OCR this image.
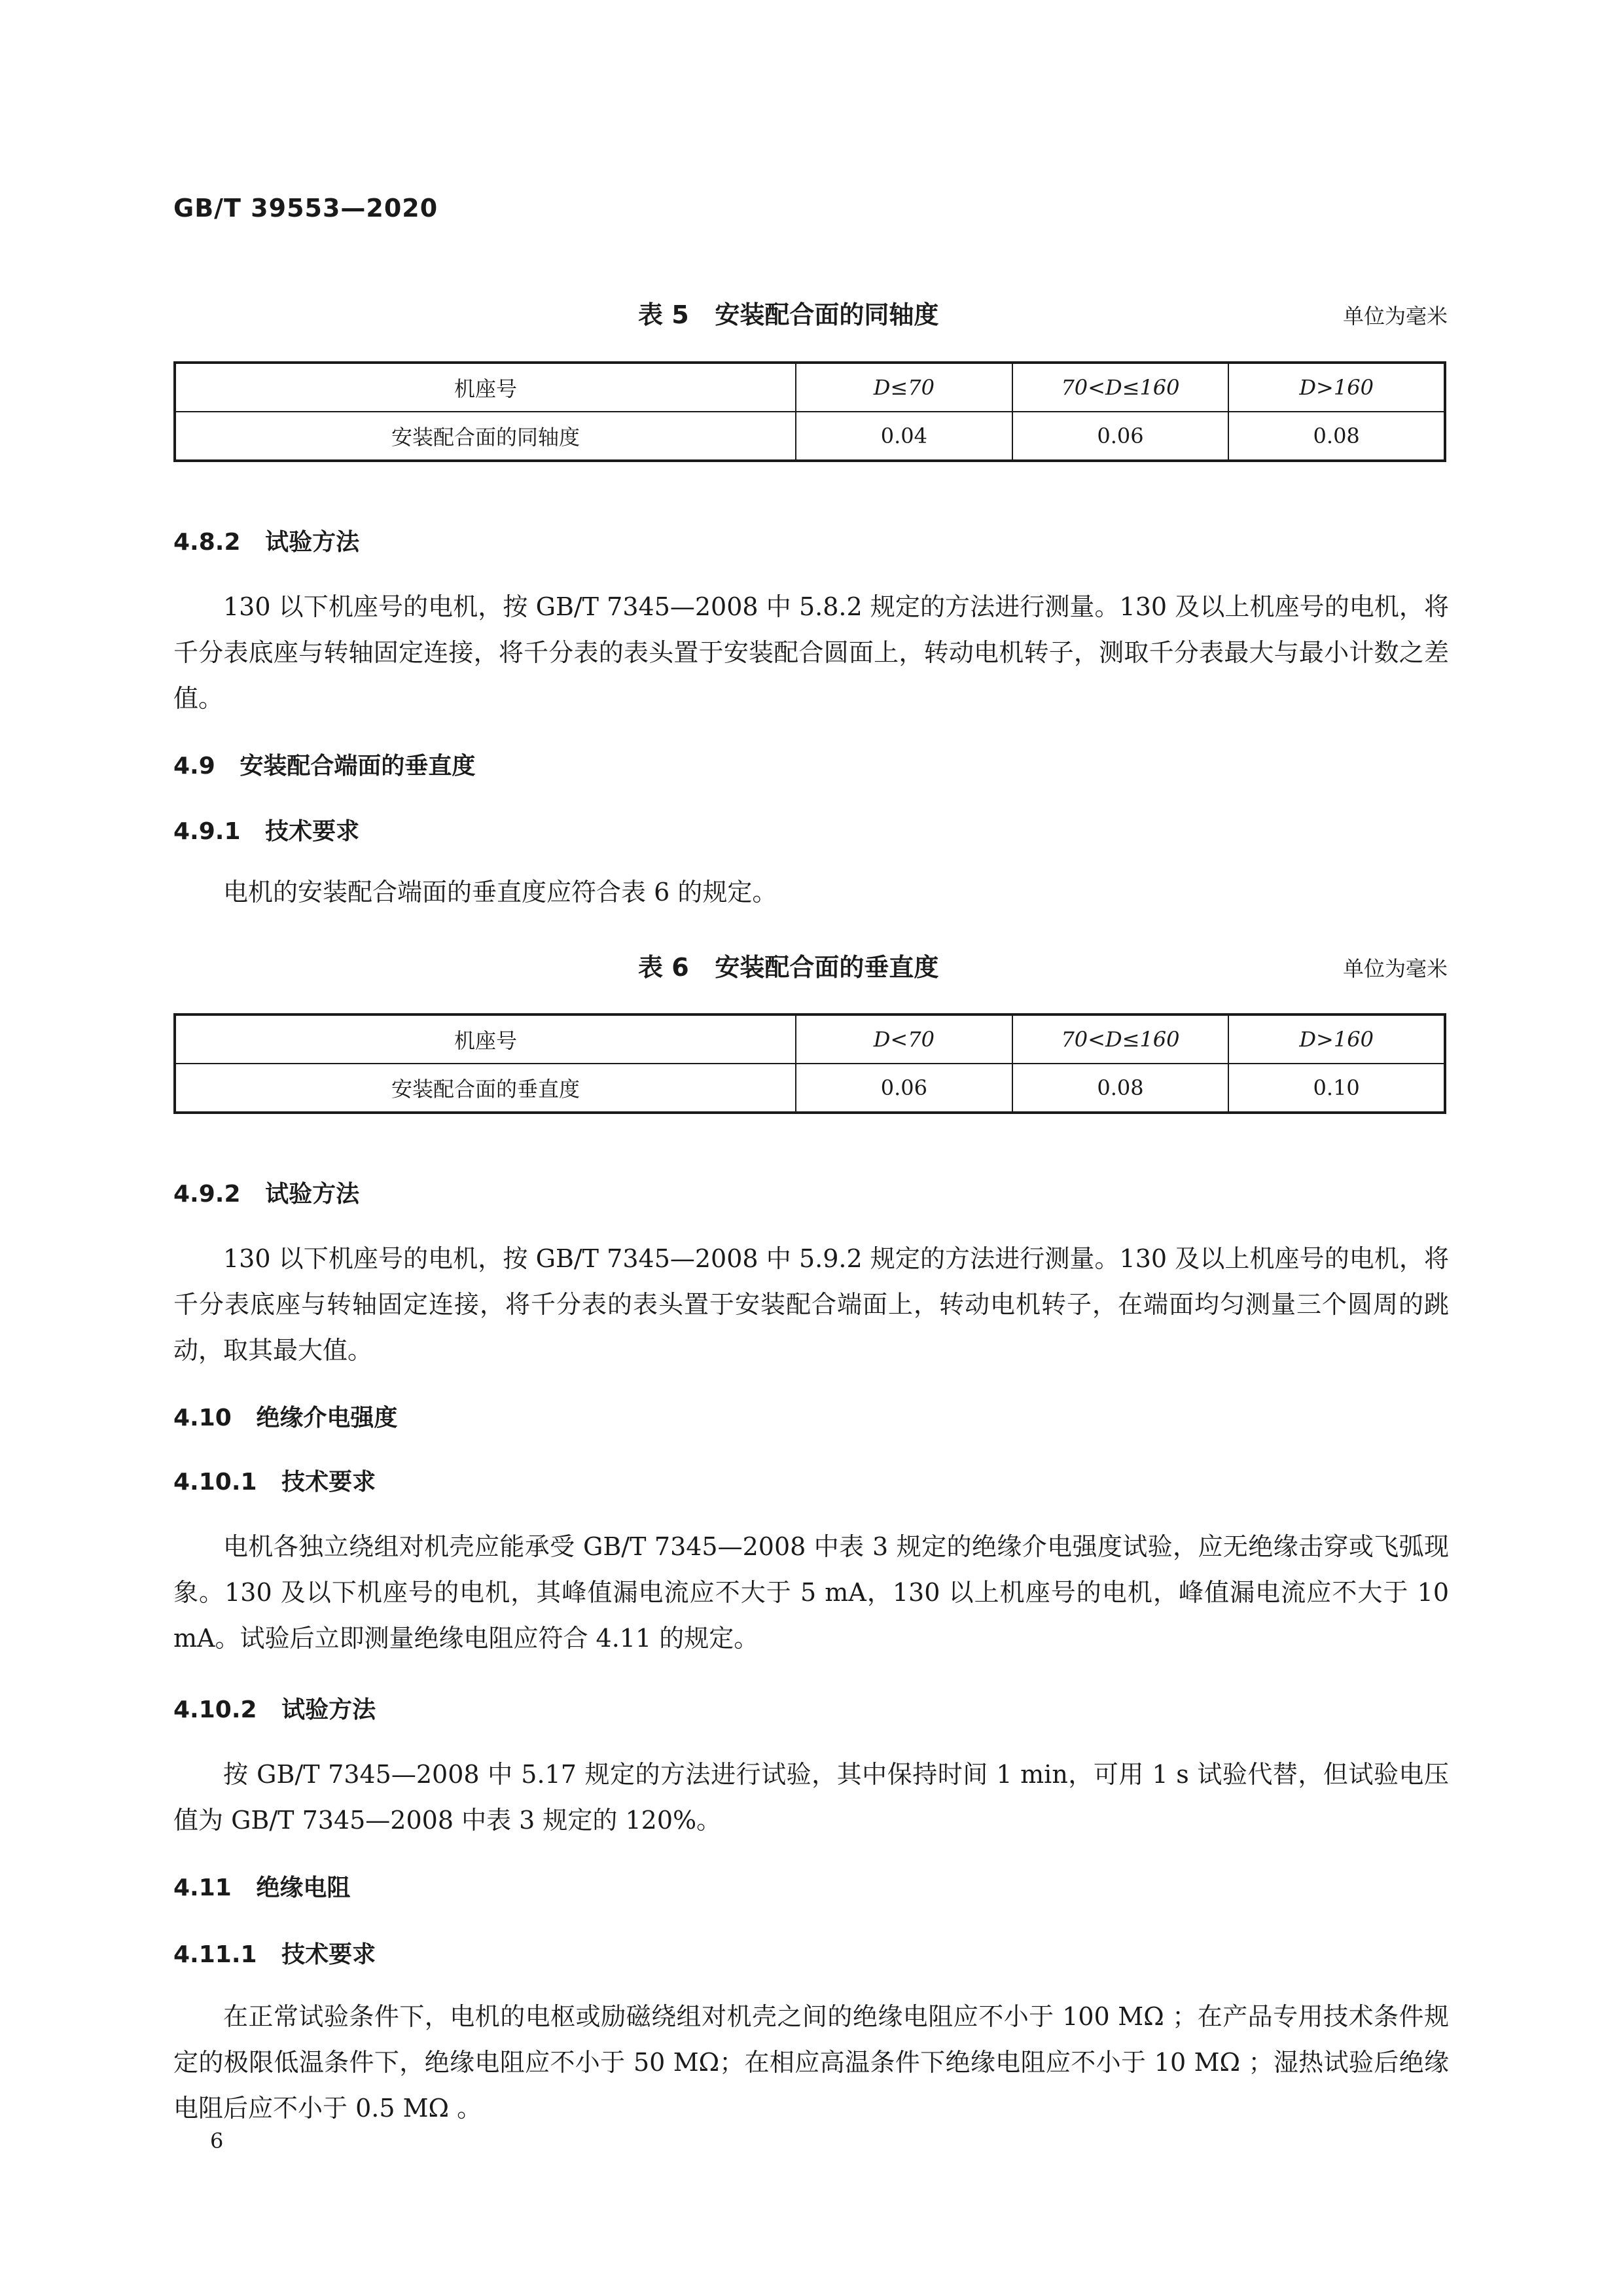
GB/T 39553—2020
表 5   安装配合面的同轴度	单位为毫米
机座号	D≤70	70<D≤160	D>160
安装配合面的同轴度	0.04	0.06	0.08
4.8.2   试验方法

130 以下机座号的电机，按 GB/T 7345—2008 中 5.8.2 规定的方法进行测量。130 及以上机座号的电机，将千分表底座与转轴固定连接，将千分表的表头置于安装配合圆面上，转动电机转子，测取千分表最大与最小计数之差值。

4.9   安装配合端面的垂直度
4.9.1   技术要求

电机的安装配合端面的垂直度应符合表 6 的规定。

表 6   安装配合面的垂直度	单位为毫米
机座号	D<70	70<D≤160	D>160
安装配合面的垂直度	0.06	0.08	0.10
4.9.2   试验方法

130 以下机座号的电机，按 GB/T 7345—2008 中 5.9.2 规定的方法进行测量。130 及以上机座号的电机，将千分表底座与转轴固定连接，将千分表的表头置于安装配合端面上，转动电机转子，在端面均匀测量三个圆周的跳动，取其最大值。

4.10   绝缘介电强度
4.10.1   技术要求

电机各独立绕组对机壳应能承受 GB/T 7345—2008 中表 3 规定的绝缘介电强度试验，应无绝缘击穿或飞弧现象。130 及以下机座号的电机，其峰值漏电流应不大于 5 mA，130 以上机座号的电机，峰值漏电流应不大于 10 mA。试验后立即测量绝缘电阻应符合 4.11 的规定。

4.10.2   试验方法

按 GB/T 7345—2008 中 5.17 规定的方法进行试验，其中保持时间 1 min，可用 1 s 试验代替，但试验电压值为 GB/T 7345—2008 中表 3 规定的 120%。

4.11   绝缘电阻
4.11.1   技术要求

在正常试验条件下，电机的电枢或励磁绕组对机壳之间的绝缘电阻应不小于 100 MΩ ；在产品专用技术条件规定的极限低温条件下，绝缘电阻应不小于 50 MΩ；在相应高温条件下绝缘电阻应不小于 10 MΩ ；湿热试验后绝缘电阻后应不小于 0.5 MΩ 。

6
